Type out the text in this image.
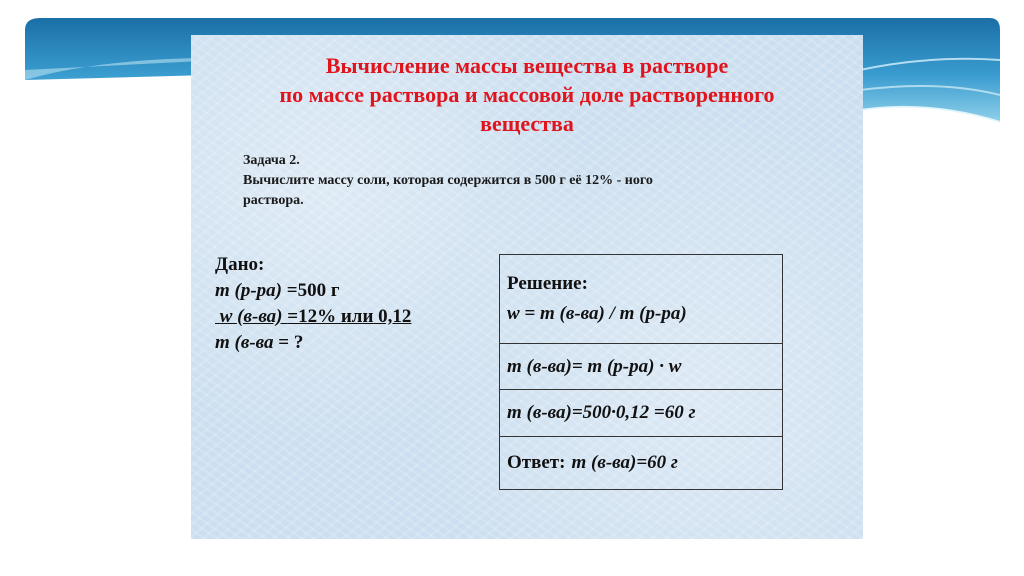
Вычисление массы вещества в растворе
по массе раствора и массовой доле растворенного
вещества
Задача 2.
Вычислите массу соли, которая содержится в 500 г её 12% - ного
раствора.
Дано:
m (р-ра) =500 г
w (в-ва) =12% или 0,12
m (в-ва = ?
Решение:
w = m (в-ва) / m (р-ра)
m (в-ва)= m (р-ра) · w
m (в-ва)=500·0,12 =60 г
Ответ: m (в-ва)=60 г
